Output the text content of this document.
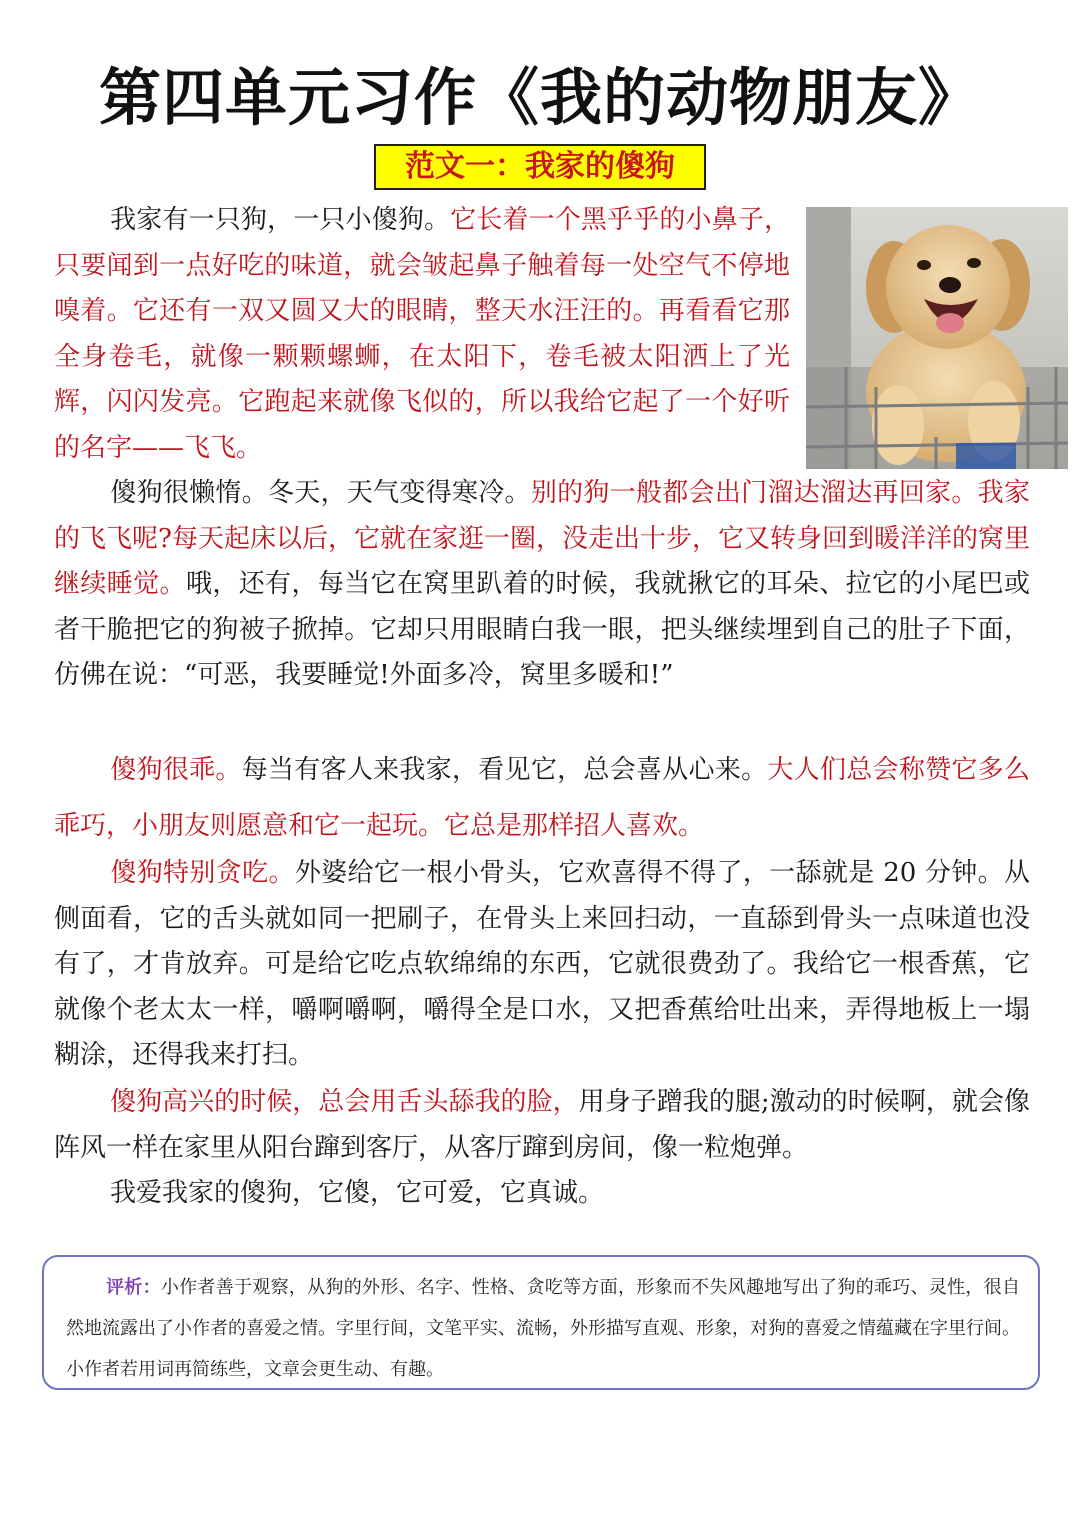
第四单元习作《我的动物朋友》
范文一：我家的傻狗

我家有一只狗，一只小傻狗。它长着一个黑乎乎的小鼻子，只要闻到一点好吃的味道，就会皱起鼻子触着每一处空气不停地嗅着。它还有一双又圆又大的眼睛，整天水汪汪的。再看看它那全身卷毛，就像一颗颗螺蛳，在太阳下，卷毛被太阳洒上了光辉，闪闪发亮。它跑起来就像飞似的，所以我给它起了一个好听的名字——飞飞。

傻狗很懒惰。冬天，天气变得寒冷。别的狗一般都会出门溜达溜达再回家。我家的飞飞呢?每天起床以后，它就在家逛一圈，没走出十步，它又转身回到暖洋洋的窝里继续睡觉。哦，还有，每当它在窝里趴着的时候，我就揪它的耳朵、拉它的小尾巴或者干脆把它的狗被子掀掉。它却只用眼睛白我一眼，把头继续埋到自己的肚子下面，仿佛在说：“可恶，我要睡觉!外面多冷，窝里多暖和!”

傻狗很乖。每当有客人来我家，看见它，总会喜从心来。大人们总会称赞它多么乖巧，小朋友则愿意和它一起玩。它总是那样招人喜欢。

傻狗特别贪吃。外婆给它一根小骨头，它欢喜得不得了，一舔就是 20 分钟。从侧面看，它的舌头就如同一把刷子，在骨头上来回扫动，一直舔到骨头一点味道也没有了，才肯放弃。可是给它吃点软绵绵的东西，它就很费劲了。我给它一根香蕉，它就像个老太太一样，嚼啊嚼啊，嚼得全是口水，又把香蕉给吐出来，弄得地板上一塌糊涂，还得我来打扫。

傻狗高兴的时候，总会用舌头舔我的脸，用身子蹭我的腿;激动的时候啊，就会像阵风一样在家里从阳台蹿到客厅，从客厅蹿到房间，像一粒炮弹。

我爱我家的傻狗，它傻，它可爱，它真诚。

评析：小作者善于观察，从狗的外形、名字、性格、贪吃等方面，形象而不失风趣地写出了狗的乖巧、灵性，很自然地流露出了小作者的喜爱之情。字里行间，文笔平实、流畅，外形描写直观、形象，对狗的喜爱之情蕴藏在字里行间。小作者若用词再简练些，文章会更生动、有趣。
